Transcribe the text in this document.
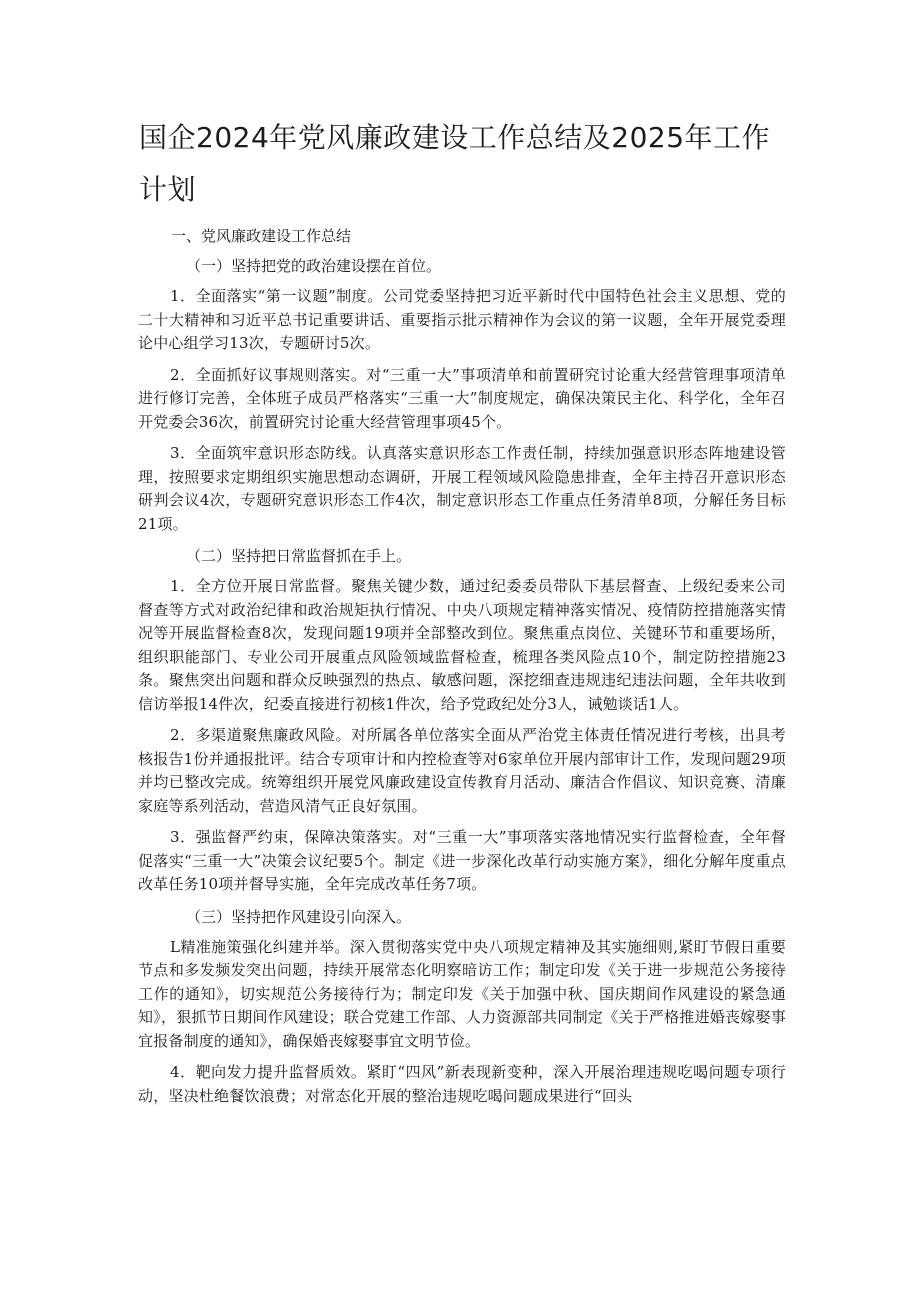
国企2024年党风廉政建设工作总结及2025年工作计划

一、党风廉政建设工作总结

（一）坚持把党的政治建设摆在首位。

1．全面落实“第一议题”制度。公司党委坚持把习近平新时代中国特色社会主义思想、党的二十大精神和习近平总书记重要讲话、重要指示批示精神作为会议的第一议题，全年开展党委理论中心组学习13次，专题研讨5次。

2．全面抓好议事规则落实。对“三重一大”事项清单和前置研究讨论重大经营管理事项清单进行修订完善，全体班子成员严格落实“三重一大”制度规定，确保决策民主化、科学化，全年召开党委会36次，前置研究讨论重大经营管理事项45个。

3．全面筑牢意识形态防线。认真落实意识形态工作责任制，持续加强意识形态阵地建设管理，按照要求定期组织实施思想动态调研，开展工程领域风险隐患排查，全年主持召开意识形态研判会议4次，专题研究意识形态工作4次，制定意识形态工作重点任务清单8项，分解任务目标21项。

（二）坚持把日常监督抓在手上。

1．全方位开展日常监督。聚焦关键少数，通过纪委委员带队下基层督查、上级纪委来公司督查等方式对政治纪律和政治规矩执行情况、中央八项规定精神落实情况、疫情防控措施落实情况等开展监督检查8次，发现问题19项并全部整改到位。聚焦重点岗位、关键环节和重要场所，组织职能部门、专业公司开展重点风险领域监督检查，梳理各类风险点10个，制定防控措施23条。聚焦突出问题和群众反映强烈的热点、敏感问题，深挖细查违规违纪违法问题，全年共收到信访举报14件次，纪委直接进行初核1件次，给予党政纪处分3人，诫勉谈话1人。

2．多渠道聚焦廉政风险。对所属各单位落实全面从严治党主体责任情况进行考核，出具考核报告1份并通报批评。结合专项审计和内控检查等对6家单位开展内部审计工作，发现问题29项并均已整改完成。统筹组织开展党风廉政建设宣传教育月活动、廉洁合作倡议、知识竞赛、清廉家庭等系列活动，营造风清气正良好氛围。

3．强监督严约束，保障决策落实。对“三重一大”事项落实落地情况实行监督检查，全年督促落实“三重一大”决策会议纪要5个。制定《进一步深化改革行动实施方案》，细化分解年度重点改革任务10项并督导实施，全年完成改革任务7项。

（三）坚持把作风建设引向深入。

L精准施策强化纠建并举。深入贯彻落实党中央八项规定精神及其实施细则,紧盯节假日重要节点和多发频发突出问题，持续开展常态化明察暗访工作；制定印发《关于进一步规范公务接待工作的通知》，切实规范公务接待行为；制定印发《关于加强中秋、国庆期间作风建设的紧急通知》，狠抓节日期间作风建设；联合党建工作部、人力资源部共同制定《关于严格推进婚丧嫁娶事宜报备制度的通知》，确保婚丧嫁娶事宜文明节俭。

4．靶向发力提升监督质效。紧盯“四风”新表现新变种，深入开展治理违规吃喝问题专项行动，坚决杜绝餐饮浪费；对常态化开展的整治违规吃喝问题成果进行“回头
